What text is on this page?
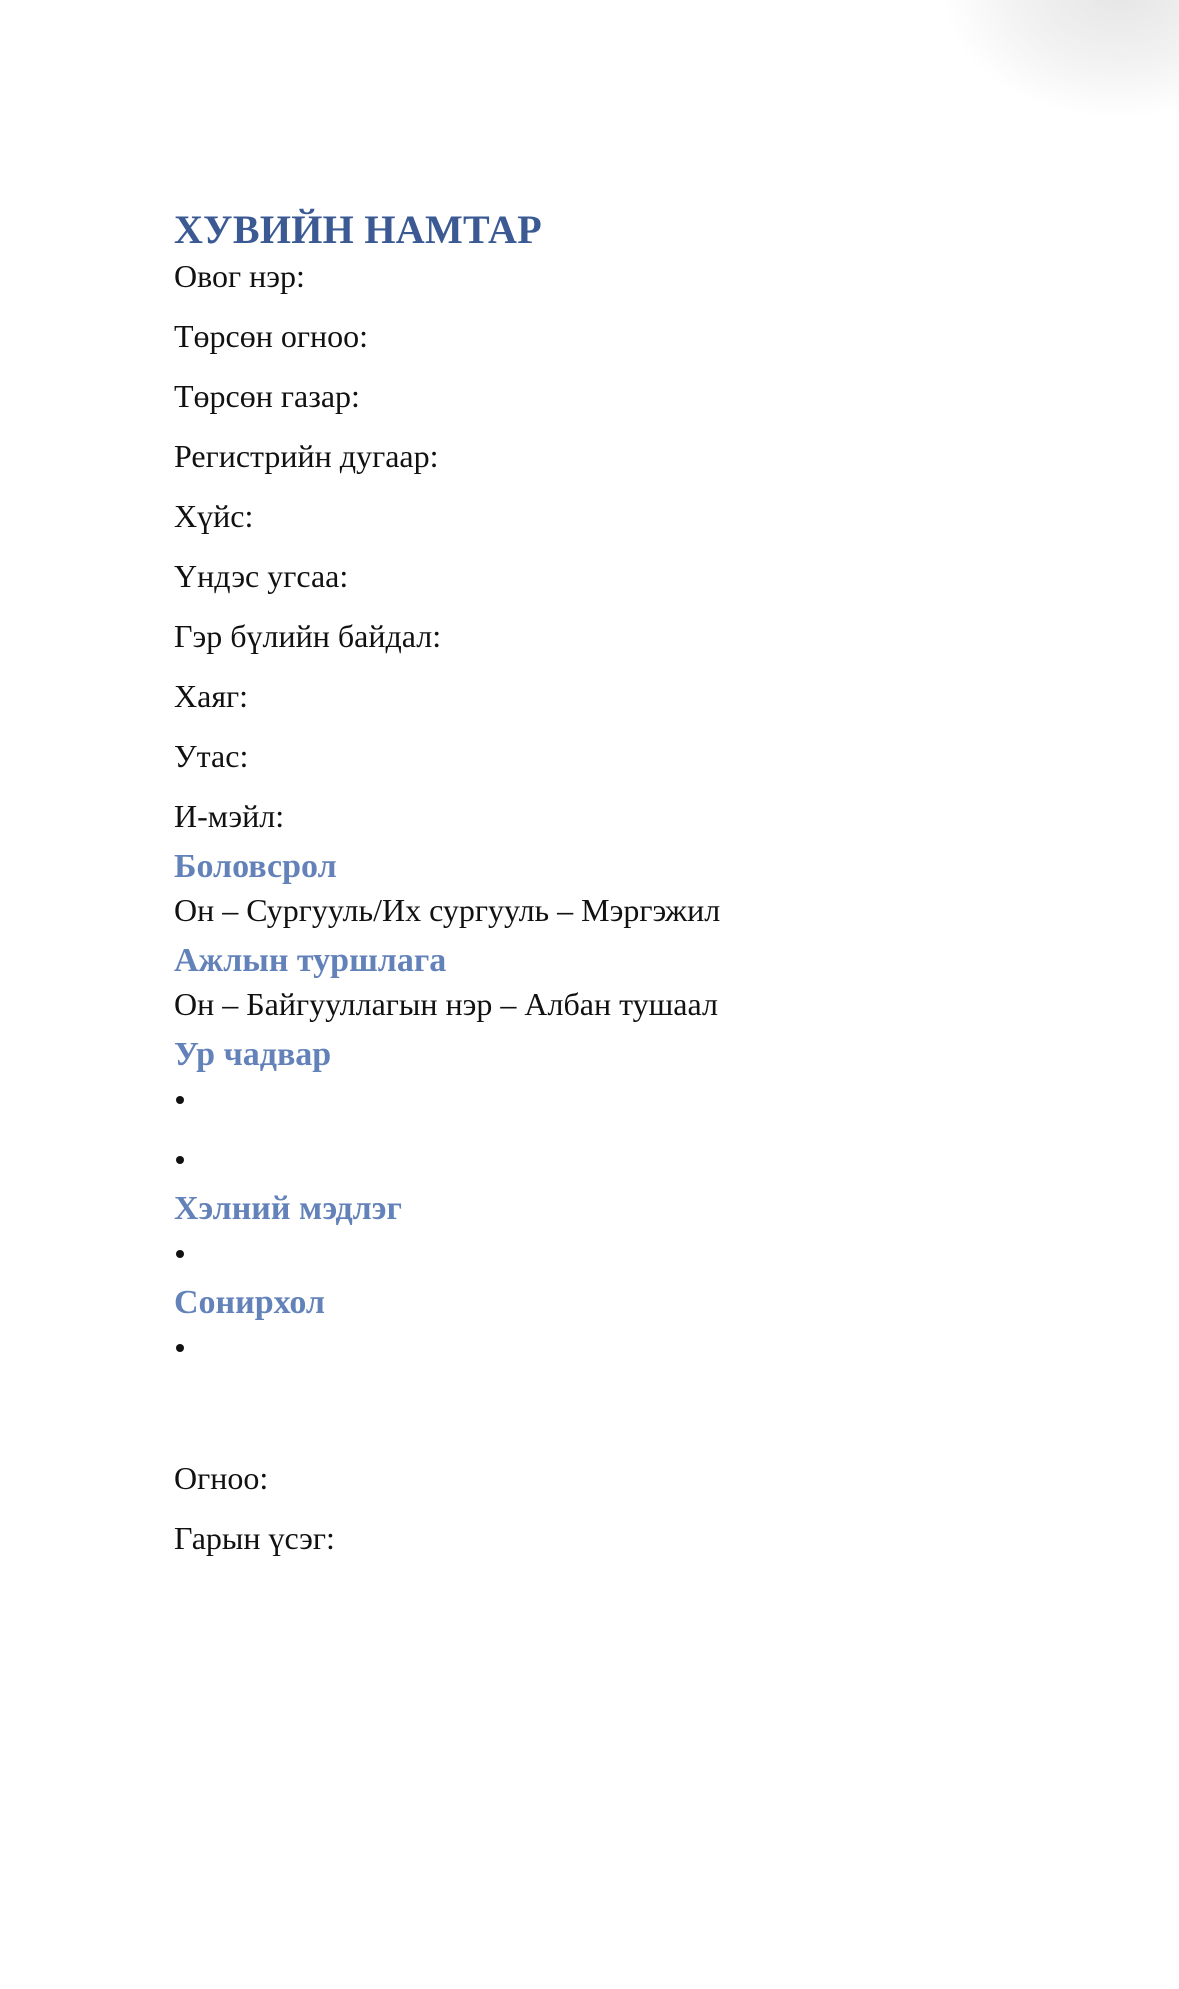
ХУВИЙН НАМТАР
Овог нэр:
Төрсөн огноо:
Төрсөн газар:
Регистрийн дугаар:
Хүйс:
Үндэс угсаа:
Гэр бүлийн байдал:
Хаяг:
Утас:
И-мэйл:
Боловсрол

Он – Сургууль/Их сургууль – Мэргэжил

Ажлын туршлага

Он – Байгууллагын нэр – Албан тушаал

Ур чадвар
Хэлний мэдлэг
Сонирхол
Огноо:
Гарын үсэг:
